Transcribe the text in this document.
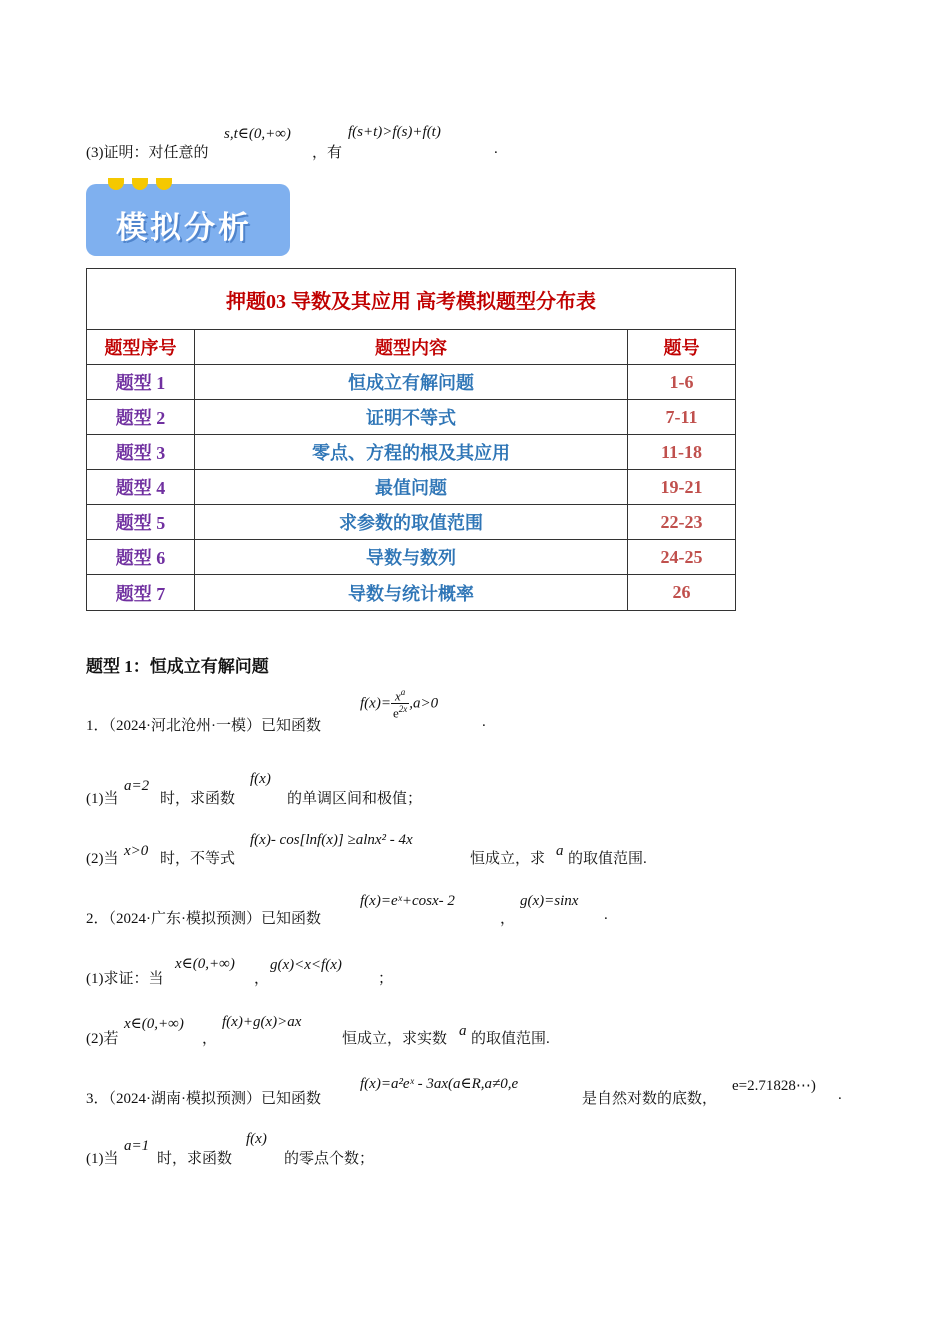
(3)证明：对任意的
s,t∈(0,+∞)
，有
f(s+t)>f(s)+f(t)
.
模拟分析
押题03 导数及其应用 高考模拟题型分布表		
题型序号	题型内容	题号
题型 1	恒成立有解问题	1-6
题型 2	证明不等式	7-11
题型 3	零点、方程的根及其应用	11-18
题型 4	最值问题	19-21
题型 5	求参数的取值范围	22-23
题型 6	导数与数列	24-25
题型 7	导数与统计概率	26
题型 1：恒成立有解问题
1．（2024·河北沧州·一模）已知函数
$f(x)= \frac{x^a}{e^{2x}} ,a>0$
.
(1)当
a=2
时，求函数
f(x)
的单调区间和极值；
(2)当 x>0 时，不等式
f(x)- cos[lnf(x)] ≥alnx² - 4x
恒成立，求 a 的取值范围.
2．（2024·广东·模拟预测）已知函数
f(x)=eˣ+cosx- 2
，
g(x)=sinx
.
(1)求证：当
x∈(0,+∞)
，
g(x)<x<f(x)
；
(2)若
x∈(0,+∞)
，
f(x)+g(x)>ax
恒成立，求实数 a 的取值范围.
3．（2024·湖南·模拟预测）已知函数
f(x)=a²eˣ - 3ax(a∈R,a≠0,e
是自然对数的底数，
e=2.71828⋯)
.
(1)当
a=1
时，求函数
f(x)
的零点个数；
